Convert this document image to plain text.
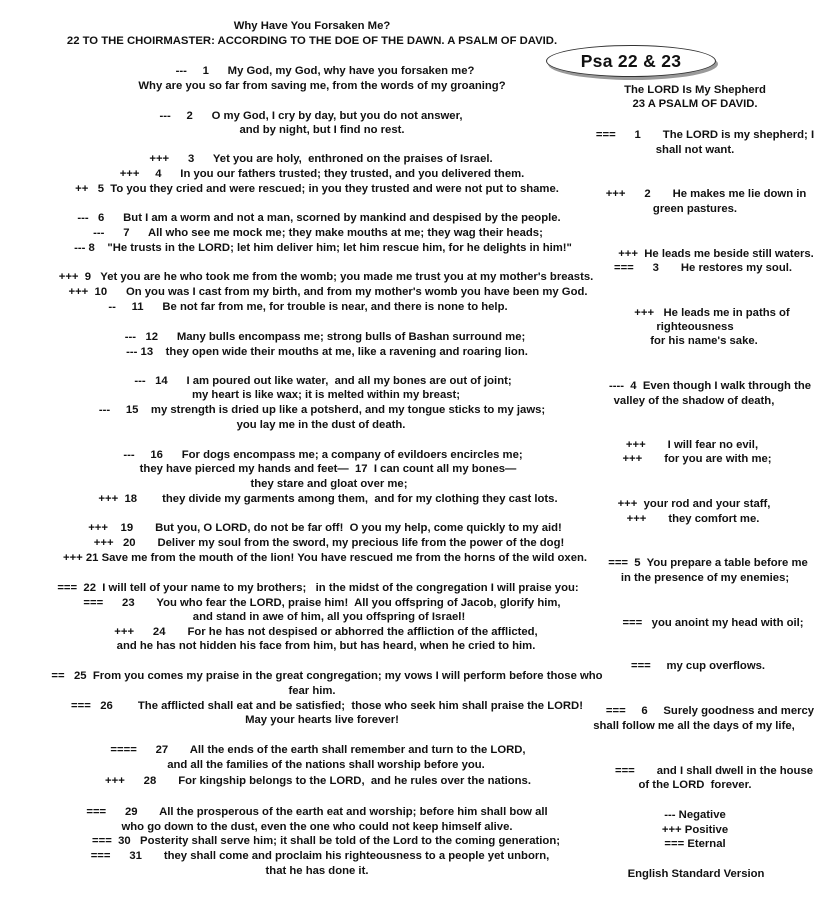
Why Have You Forsaken Me?
22 TO THE CHOIRMASTER: ACCORDING TO THE DOE OF THE DAWN. A PSALM OF DAVID.
---     1      My God, my God, why have you forsaken me?
Why are you so far from saving me, from the words of my groaning?
---     2      O my God, I cry by day, but you do not answer,
and by night, but I find no rest.
+++      3      Yet you are holy,  enthroned on the praises of Israel.
+++     4      In you our fathers trusted; they trusted, and you delivered them.
++   5  To you they cried and were rescued; in you they trusted and were not put to shame.
---   6      But I am a worm and not a man, scorned by mankind and despised by the people.
---      7      All who see me mock me; they make mouths at me; they wag their heads;
--- 8    "He trusts in the LORD; let him deliver him; let him rescue him, for he delights in him!"
+++  9   Yet you are he who took me from the womb; you made me trust you at my mother's breasts.
+++  10      On you was I cast from my birth, and from my mother's womb you have been my God.
--     11      Be not far from me, for trouble is near, and there is none to help.
---   12      Many bulls encompass me; strong bulls of Bashan surround me;
--- 13    they open wide their mouths at me, like a ravening and roaring lion.
---   14      I am poured out like water,  and all my bones are out of joint;
my heart is like wax; it is melted within my breast;
---     15    my strength is dried up like a potsherd, and my tongue sticks to my jaws;
you lay me in the dust of death.
---     16      For dogs encompass me; a company of evildoers encircles me;
they have pierced my hands and feet—  17  I can count all my bones—
they stare and gloat over me;
+++  18        they divide my garments among them,  and for my clothing they cast lots.
+++    19       But you, O LORD, do not be far off!  O you my help, come quickly to my aid!
+++   20       Deliver my soul from the sword, my precious life from the power of the dog!
+++ 21 Save me from the mouth of the lion! You have rescued me from the horns of the wild oxen.
===  22  I will tell of your name to my brothers;   in the midst of the congregation I will praise you:
===      23       You who fear the LORD, praise him!  All you offspring of Jacob, glorify him,
and stand in awe of him, all you offspring of Israel!
+++      24       For he has not despised or abhorred the affliction of the afflicted,
and he has not hidden his face from him, but has heard, when he cried to him.
==   25  From you comes my praise in the great congregation; my vows I will perform before those who
fear him.
===   26        The afflicted shall eat and be satisfied;  those who seek him shall praise the LORD!
May your hearts live forever!
====      27       All the ends of the earth shall remember and turn to the LORD,
and all the families of the nations shall worship before you.
+++      28       For kingship belongs to the LORD,  and he rules over the nations.
===      29       All the prosperous of the earth eat and worship; before him shall bow all
who go down to the dust, even the one who could not keep himself alive.
===  30   Posterity shall serve him; it shall be told of the Lord to the coming generation;
===      31       they shall come and proclaim his righteousness to a people yet unborn,
that he has done it.
Psa 22 & 23
The LORD Is My Shepherd
23 A PSALM OF DAVID.
===      1       The LORD is my shepherd; I
shall not want.
+++      2       He makes me lie down in
green pastures.
+++  He leads me beside still waters.
===      3       He restores my soul.
+++   He leads me in paths of
righteousness
for his name's sake.
----  4  Even though I walk through the
valley of the shadow of death,
+++       I will fear no evil,
+++       for you are with me;
+++  your rod and your staff,
+++       they comfort me.
===  5  You prepare a table before me
in the presence of my enemies;
===   you anoint my head with oil;
===     my cup overflows.
===     6     Surely goodness and mercy
shall follow me all the days of my life,
===       and I shall dwell in the house
of the LORD  forever.
--- Negative
+++ Positive
=== Eternal
English Standard Version
